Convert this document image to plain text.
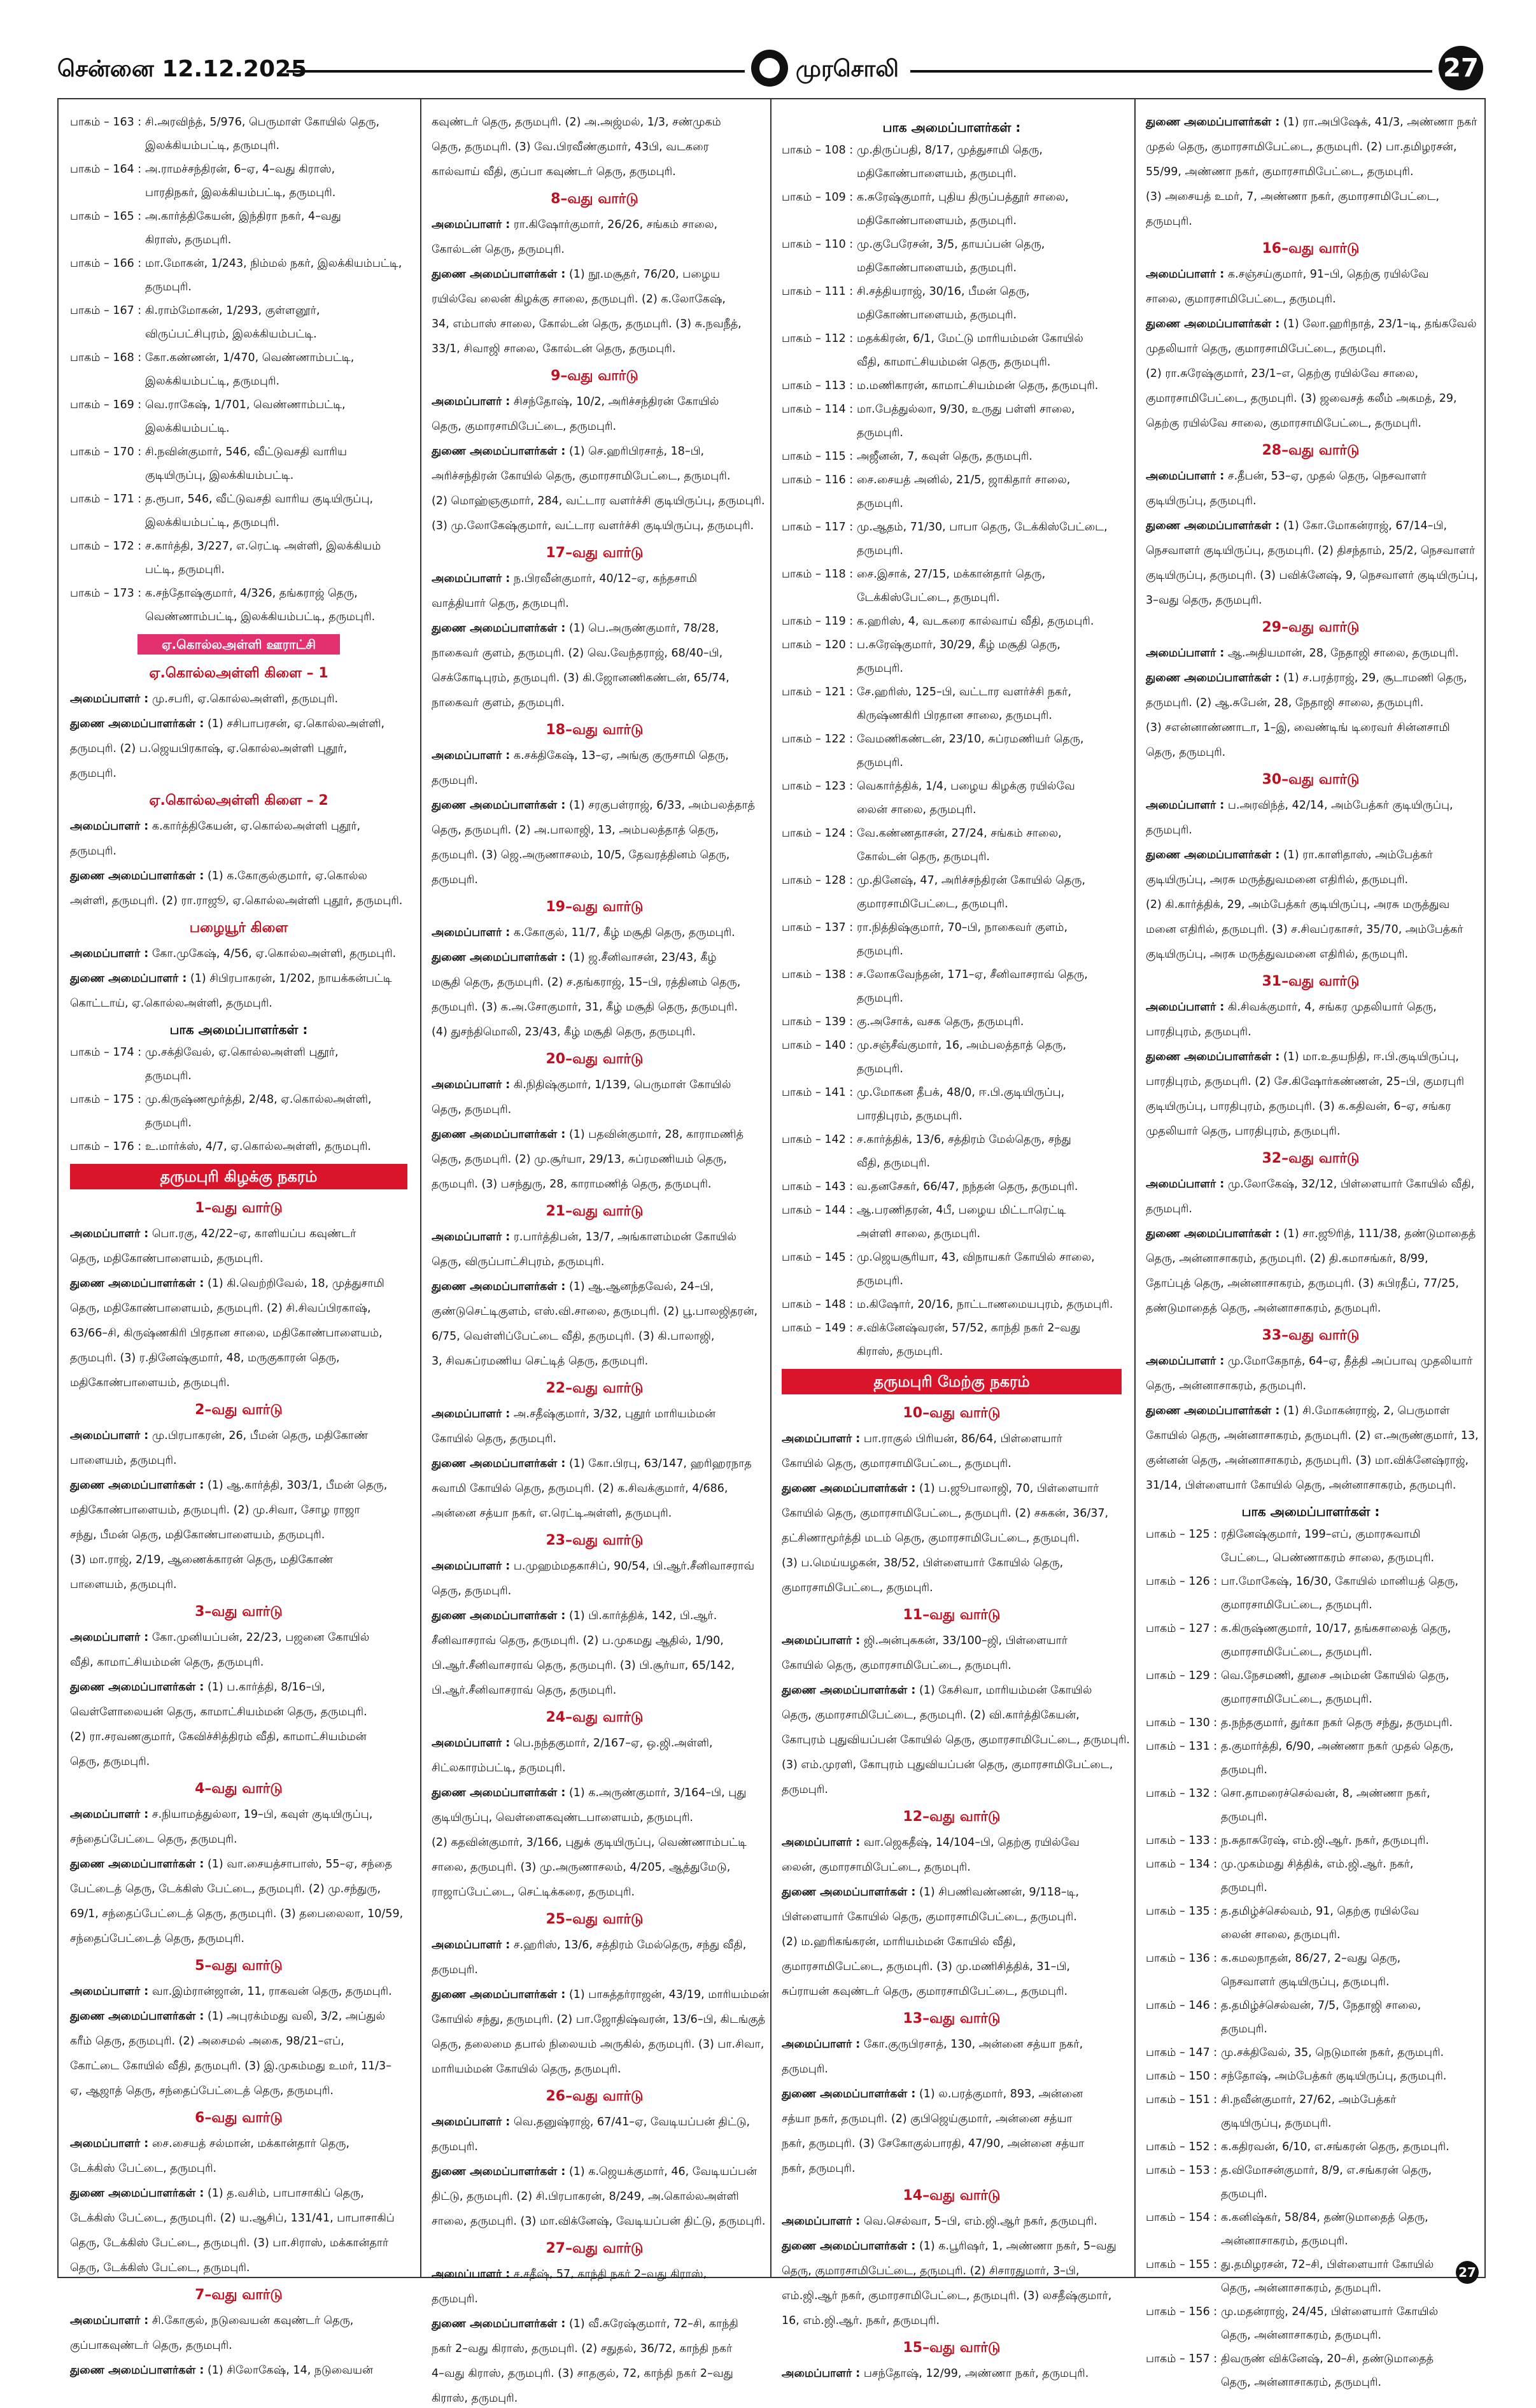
சென்னை 12.12.2025	முரசொலி	27
பாகம் – 163 : சி.அரவிந்த், 5/976, பெருமாள் கோயில் தெரு,
இலக்கியம்பட்டி, தருமபுரி.
பாகம் – 164 : அ.ராமச்சந்திரன், 6–ஏ, 4–வது கிராஸ்,
பாரதிநகர், இலக்கியம்பட்டி, தருமபுரி.
பாகம் – 165 : அ.கார்த்திகேயன், இந்திரா நகர், 4–வது
கிராஸ், தருமபுரி.
பாகம் – 166 : மா.மோகன், 1/243, நிம்மல் நகர், இலக்கியம்பட்டி,
தருமபுரி.
பாகம் – 167 : கி.ராம்மோகன், 1/293, குள்ளனூர்,
விருப்பட்சிபுரம், இலக்கியம்பட்டி.
பாகம் – 168 : கோ.கண்ணன், 1/470, வெண்ணாம்பட்டி,
இலக்கியம்பட்டி, தருமபுரி.
பாகம் – 169 : வெ.ராகேஷ், 1/701, வெண்ணாம்பட்டி,
இலக்கியம்பட்டி.
பாகம் – 170 : சி.நவின்குமார், 546, வீட்டுவசதி வாரிய
குடியிருப்பு, இலக்கியம்பட்டி.
பாகம் – 171 : த.ரூபா, 546, வீட்டுவசதி வாரிய குடியிருப்பு,
இலக்கியம்பட்டி, தருமபுரி.
பாகம் – 172 : ச.கார்த்தி, 3/227, எ.ரெட்டி அள்ளி, இலக்கியம்
பட்டி, தருமபுரி.
பாகம் – 173 : க.சந்தோஷ்குமார், 4/326, தங்கராஜ் தெரு,
வெண்ணாம்பட்டி, இலக்கியம்பட்டி, தருமபுரி.
ஏ.கொல்லஅள்ளி ஊராட்சி
ஏ.கொல்லஅள்ளி கிளை – 1
அமைப்பாளர் : மு.சபரி, ஏ.கொல்லஅள்ளி, தருமபுரி.
துணை அமைப்பாளர்கள் : (1) சசிபாபரசன், ஏ.கொல்லஅள்ளி,
தருமபுரி. (2) ப.ஜெயபிரகாஷ், ஏ.கொல்லஅள்ளி புதூர்,
தருமபுரி.
ஏ.கொல்லஅள்ளி கிளை – 2
அமைப்பாளர் : க.கார்த்திகேயன், ஏ.கொல்லஅள்ளி புதூர்,
தருமபுரி.
துணை அமைப்பாளர்கள் : (1) க.கோகுல்குமார், ஏ.கொல்ல
அள்ளி, தருமபுரி. (2) ரா.ராஜூ, ஏ.கொல்லஅள்ளி புதூர், தருமபுரி.
பழையூர் கிளை
அமைப்பாளர் : கோ.முகேஷ், 4/56, ஏ.கொல்லஅள்ளி, தருமபுரி.
துணை அமைப்பாளர் : (1) சிபிரபாகரன், 1/202, நாயக்கன்பட்டி
கொட்டாய், ஏ.கொல்லஅள்ளி, தருமபுரி.
பாக அமைப்பாளர்கள் :
பாகம் – 174 : மு.சக்திவேல், ஏ.கொல்லஅள்ளி புதூர்,
தருமபுரி.
பாகம் – 175 : மு.கிருஷ்ணமூர்த்தி, 2/48, ஏ.கொல்லஅள்ளி,
தருமபுரி.
பாகம் – 176 : உ.மார்க்ஸ், 4/7, ஏ.கொல்லஅள்ளி, தருமபுரி.
தருமபுரி கிழக்கு நகரம்
1–வது வார்டு
அமைப்பாளர் : பொ.ரகு, 42/22–ஏ, காளியப்ப கவுண்டர்
தெரு, மதிகோண்பாளையம், தருமபுரி.
துணை அமைப்பாளர்கள் : (1) கி.வெற்றிவேல், 18, முத்துசாமி
தெரு, மதிகோண்பாளையம், தருமபுரி. (2) சி.சிவப்பிரகாஷ்,
63/66–சி, கிருஷ்ணகிரி பிரதான சாலை, மதிகோண்பாளையம்,
தருமபுரி. (3) ர.தினேஷ்குமார், 48, மருகுகாரன் தெரு,
மதிகோண்பாளையம், தருமபுரி.
2–வது வார்டு
அமைப்பாளர் : மு.பிரபாகரன், 26, பீமன் தெரு, மதிகோண்
பாளையம், தருமபுரி.
துணை அமைப்பாளர்கள் : (1) ஆ.கார்த்தி, 303/1, பீமன் தெரு,
மதிகோண்பாளையம், தருமபுரி. (2) மு.சிவா, சோழ ராஜா
சந்து, பீமன் தெரு, மதிகோண்பாளையம், தருமபுரி.
(3) மா.ராஜ், 2/19, ஆணைக்காரன் தெரு, மதிகோண்
பாளையம், தருமபுரி.
3–வது வார்டு
அமைப்பாளர் : கோ.முனியப்பன், 22/23, பஜனை கோயில்
வீதி, காமாட்சியம்மன் தெரு, தருமபுரி.
துணை அமைப்பாளர்கள் : (1) ப.கார்த்தி, 8/16–பி,
வெள்ளோலையன் தெரு, காமாட்சியம்மன் தெரு, தருமபுரி.
(2) ரா.சரவணகுமார், கேவிச்சித்திரம் வீதி, காமாட்சியம்மன்
தெரு, தருமபுரி.
4–வது வார்டு
அமைப்பாளர் : ச.நியாமத்துல்லா, 19–பி, கவுள் குடியிருப்பு,
சந்தைப்பேட்டை தெரு, தருமபுரி.
துணை அமைப்பாளர்கள் : (1) வா.சையத்சாபாஸ், 55–ஏ, சந்தை
பேட்டைத் தெரு, டேக்கிஸ் பேட்டை, தருமபுரி. (2) மு.சந்துரு,
69/1, சந்தைப்பேட்டைத் தெரு, தருமபுரி. (3) தபைலைலா, 10/59,
சந்தைப்பேட்டைத் தெரு, தருமபுரி.
5–வது வார்டு
அமைப்பாளர் : வா.இம்ரான்ஜான், 11, ராகவன் தெரு, தருமபுரி.
துணை அமைப்பாளர்கள் : (1) அபுரக்ம்மது வலி, 3/2, அப்துல்
கரீம் தெரு, தருமபுரி. (2) அசைமல் அகை, 98/21–எப்,
கோட்டை கோயில் வீதி, தருமபுரி. (3) இ.முகம்மது உமர், 11/3–
ஏ, ஆஜாத் தெரு, சந்தைப்பேட்டைத் தெரு, தருமபுரி.
6–வது வார்டு
அமைப்பாளர் : சை.சையத் சல்மான், மக்கான்தார் தெரு,
டேக்கிஸ் பேட்டை, தருமபுரி.
துணை அமைப்பாளர்கள் : (1) த.வசிம், பாபாசாகிப் தெரு,
டேக்கிஸ் பேட்டை, தருமபுரி. (2) ய.ஆசிப், 131/41, பாபாசாகிப்
தெரு, டேக்கிஸ் பேட்டை, தருமபுரி. (3) பா.சிராஸ், மக்கான்தார்
தெரு, டேக்கிஸ் பேட்டை, தருமபுரி.
7–வது வார்டு
அமைப்பாளர் : சி.கோகுல், நடுவையன் கவுண்டர் தெரு,
குப்பாகவுண்டர் தெரு, தருமபுரி.
துணை அமைப்பாளர்கள் : (1) சிலோகேஷ், 14, நடுவையன்
கவுண்டர் தெரு, தருமபுரி. (2) அ.அஜ்மல், 1/3, சண்முகம்
தெரு, தருமபுரி. (3) வே.பிரவீண்குமார், 43பி, வடகரை
கால்வாய் வீதி, குப்பா கவுண்டர் தெரு, தருமபுரி.
8–வது வார்டு
அமைப்பாளர் : ரா.கிஷோர்குமார், 26/26, சங்கம் சாலை,
கோல்டன் தெரு, தருமபுரி.
துணை அமைப்பாளர்கள் : (1) நூ.மசூதர், 76/20, பழைய
ரயில்வே லைன் கிழக்கு சாலை, தருமபுரி. (2) க.லோகேஷ்,
34, எம்பாஸ் சாலை, கோல்டன் தெரு, தருமபுரி. (3) சு.நவநீத்,
33/1, சிவாஜி சாலை, கோல்டன் தெரு, தருமபுரி.
9–வது வார்டு
அமைப்பாளர் : சிசந்தோஷ், 10/2, அரிச்சந்திரன் கோயில்
தெரு, குமாரசாமிபேட்டை, தருமபுரி.
துணை அமைப்பாளர்கள் : (1) செ.ஹரிபிரசாத், 18–பி,
அரிச்சந்திரன் கோயில் தெரு, குமாரசாமிபேட்டை, தருமபுரி.
(2) மொஹ்ஞகுமார், 284, வட்டார வளர்ச்சி குடியிருப்பு, தருமபுரி.
(3) மு.லோகேஷ்குமார், வட்டார வளர்ச்சி குடியிருப்பு, தருமபுரி.
17–வது வார்டு
அமைப்பாளர் : ந.பிரவீன்குமார், 40/12–ஏ, கந்தசாமி
வாத்தியார் தெரு, தருமபுரி.
துணை அமைப்பாளர்கள் : (1) பெ.அருண்குமார், 78/28,
நாகைவர் குளம், தருமபுரி. (2) வெ.வேந்தராஜ், 68/40–பி,
செக்கோடிபுரம், தருமபுரி. (3) கி.ஜோனணிகண்டன், 65/74,
நாகைவர் குளம், தருமபுரி.
18–வது வார்டு
அமைப்பாளர் : க.சக்திகேஷ், 13–ஏ, அங்கு குருசாமி தெரு,
தருமபுரி.
துணை அமைப்பாளர்கள் : (1) சரகுபள்ராஜ், 6/33, அம்பலத்தாத்
தெரு, தருமபுரி. (2) அ.பாலாஜி, 13, அம்பலத்தாத் தெரு,
தருமபுரி. (3) ஜெ.அருணாசலம், 10/5, தேவரத்தினம் தெரு,
தருமபுரி.
19–வது வார்டு
அமைப்பாளர் : க.கோகுல், 11/7, கீழ் மசூதி தெரு, தருமபுரி.
துணை அமைப்பாளர்கள் : (1) ஜ.சீனிவாசன், 23/43, கீழ்
மசூதி தெரு, தருமபுரி. (2) ச.தங்கராஜ், 15–பி, ரத்தினம் தெரு,
தருமபுரி. (3) க.அ.சோகுமார், 31, கீழ் மசூதி தெரு, தருமபுரி.
(4) துசந்திமொலி, 23/43, கீழ் மசூதி தெரு, தருமபுரி.
20–வது வார்டு
அமைப்பாளர் : கி.நிதிஷ்குமார், 1/139, பெருமாள் கோயில்
தெரு, தருமபுரி.
துணை அமைப்பாளர்கள் : (1) பதவின்குமார், 28, காராமணித்
தெரு, தருமபுரி. (2) மு.சூர்யா, 29/13, சுப்ரமணியம் தெரு,
தருமபுரி. (3) பசந்துரு, 28, காராமணித் தெரு, தருமபுரி.
21–வது வார்டு
அமைப்பாளர் : ர.பார்த்திபன், 13/7, அங்காளம்மன் கோயில்
தெரு, விருப்பாட்சிபுரம், தருமபுரி.
துணை அமைப்பாளர்கள் : (1) ஆ.ஆனந்தவேல், 24–பி,
குண்டுசெட்டிகுளம், எஸ்.வி.சாலை, தருமபுரி. (2) பூ.பாலஜிதரன்,
6/75, வெள்ளிப்பேட்டை வீதி, தருமபுரி. (3) கி.பாலாஜி,
3, சிவசுப்ரமணிய செட்டித் தெரு, தருமபுரி.
22–வது வார்டு
அமைப்பாளர் : அ.சதீஷ்குமார், 3/32, புதூர் மாரியம்மன்
கோயில் தெரு, தருமபுரி.
துணை அமைப்பாளர்கள் : (1) கோ.பிரபு, 63/147, ஹரிஹரநாத
சுவாமி கோயில் தெரு, தருமபுரி. (2) க.சிவக்குமார், 4/686,
அன்னை சத்யா நகர், எ.ரெட்டிஅள்ளி, தருமபுரி.
23–வது வார்டு
அமைப்பாளர் : ப.முஹம்மதகாசிப், 90/54, பி.ஆர்.சீனிவாசராவ்
தெரு, தருமபுரி.
துணை அமைப்பாளர்கள் : (1) பி.கார்த்திக், 142, பி.ஆர்.
சீனிவாசராவ் தெரு, தருமபுரி. (2) ப.முகமது ஆதில், 1/90,
பி.ஆர்.சீனிவாசராவ் தெரு, தருமபுரி. (3) பி.சூர்யா, 65/142,
பி.ஆர்.சீனிவாசராவ் தெரு, தருமபுரி.
24–வது வார்டு
அமைப்பாளர் : பெ.நந்தகுமார், 2/167–ஏ, ஒ.ஜி.அள்ளி,
சிட்லகாரம்பட்டி, தருமபுரி.
துணை அமைப்பாளர்கள் : (1) க.அருண்குமார், 3/164–பி, புது
குடியிருப்பு, வெள்ளைகவுண்டபாளையம், தருமபுரி.
(2) கதவின்குமார், 3/166, புதுக் குடியிருப்பு, வெண்ணாம்பட்டி
சாலை, தருமபுரி. (3) மு.அருணாசலம், 4/205, ஆத்துமேடு,
ராஜாப்பேட்டை, செட்டிக்கரை, தருமபுரி.
25–வது வார்டு
அமைப்பாளர் : ச.ஹரிஸ், 13/6, சத்திரம் மேல்தெரு, சந்து வீதி,
தருமபுரி.
துணை அமைப்பாளர்கள் : (1) பாசுத்தர்ராஜன், 43/19, மாரியம்மன்
கோயில் சந்து, தருமபுரி. (2) பா.ஜோதிஷ்வரன், 13/6–பி, கிடங்குத்
தெரு, தலைமை தபால் நிலையம் அருகில், தருமபுரி. (3) பா.சிவா,
மாரியம்மன் கோயில் தெரு, தருமபுரி.
26–வது வார்டு
அமைப்பாளர் : வெ.தனுஷ்ராஜ், 67/41–ஏ, வேடியப்பன் திட்டு,
தருமபுரி.
துணை அமைப்பாளர்கள் : (1) க.ஜெயக்குமார், 46, வேடியப்பன்
திட்டு, தருமபுரி. (2) சி.பிரபாகரன், 8/249, அ.கொல்லஅள்ளி
சாலை, தருமபுரி. (3) மா.விக்னேஷ், வேடியப்பன் திட்டு, தருமபுரி.
27–வது வார்டு
அமைப்பாளர் : ச.சதீஷ், 57, காந்தி நகர் 2–வது கிராஸ்,
தருமபுரி.
துணை அமைப்பாளர்கள் : (1) வீ.சுரேஷ்குமார், 72–சி, காந்தி
நகர் 2–வது கிராஸ், தருமபுரி. (2) சதுதல், 36/72, காந்தி நகர்
4–வது கிராஸ், தருமபுரி. (3) சாதகுல், 72, காந்தி நகர் 2–வது
கிராஸ், தருமபுரி.
பாக அமைப்பாளர்கள் :
பாகம் – 108 : மு.திருப்பதி, 8/17, முத்துசாமி தெரு,
மதிகோண்பாளையம், தருமபுரி.
பாகம் – 109 : க.சுரேஷ்குமார், புதிய திருப்பத்தூர் சாலை,
மதிகோண்பாளையம், தருமபுரி.
பாகம் – 110 : மு.குபேரேசன், 3/5, தாயப்பன் தெரு,
மதிகோண்பாளையம், தருமபுரி.
பாகம் – 111 : சி.சத்தியராஜ், 30/16, பீமன் தெரு,
மதிகோண்பாளையம், தருமபுரி.
பாகம் – 112 : மதக்கிரன், 6/1, மேட்டு மாரியம்மன் கோயில்
வீதி, காமாட்சியம்மன் தெரு, தருமபுரி.
பாகம் – 113 : ம.மணிகாரன், காமாட்சியம்மன் தெரு, தருமபுரி.
பாகம் – 114 : மா.பேத்துல்லா, 9/30, உருது பள்ளி சாலை,
தருமபுரி.
பாகம் – 115 : அஜீனன், 7, கவுள் தெரு, தருமபுரி.
பாகம் – 116 : சை.சையத் அனில், 21/5, ஜாகிதார் சாலை,
தருமபுரி.
பாகம் – 117 : மு.ஆதம், 71/30, பாபா தெரு, டேக்கிஸ்பேட்டை,
தருமபுரி.
பாகம் – 118 : சை.இசாக், 27/15, மக்கான்தார் தெரு,
டேக்கிஸ்பேட்டை, தருமபுரி.
பாகம் – 119 : க.ஹரிஸ், 4, வடகரை கால்வாய் வீதி, தருமபுரி.
பாகம் – 120 : ப.சுரேஷ்குமார், 30/29, கீழ் மசூதி தெரு,
தருமபுரி.
பாகம் – 121 : சே.ஹரிஸ், 125–பி, வட்டார வளர்ச்சி நகர்,
கிருஷ்ணகிரி பிரதான சாலை, தருமபுரி.
பாகம் – 122 : வேமணிகண்டன், 23/10, சுப்ரமணியர் தெரு,
தருமபுரி.
பாகம் – 123 : வெகார்த்திக், 1/4, பழைய கிழக்கு ரயில்வே
லைன் சாலை, தருமபுரி.
பாகம் – 124 : வே.கண்ணதாசன், 27/24, சங்கம் சாலை,
கோல்டன் தெரு, தருமபுரி.
பாகம் – 128 : மு.தினேஷ், 47, அரிச்சந்திரன் கோயில் தெரு,
குமாரசாமிபேட்டை, தருமபுரி.
பாகம் – 137 : ரா.நித்திஷ்குமார், 70–பி, நாகைவர் குளம்,
தருமபுரி.
பாகம் – 138 : ச.லோகவேந்தன், 171–ஏ, சீனிவாசராவ் தெரு,
தருமபுரி.
பாகம் – 139 : கு.அசோக், வசக தெரு, தருமபுரி.
பாகம் – 140 : மு.சஞ்சீவ்குமார், 16, அம்பலத்தாத் தெரு,
தருமபுரி.
பாகம் – 141 : மு.மோகன தீபக், 48/0, ஈ.பி.குடியிருப்பு,
பாரதிபுரம், தருமபுரி.
பாகம் – 142 : ச.கார்த்திக், 13/6, சத்திரம் மேல்தெரு, சந்து
வீதி, தருமபுரி.
பாகம் – 143 : வ.தனசேகர், 66/47, நந்தன் தெரு, தருமபுரி.
பாகம் – 144 : ஆ.பரணிதரன், 4பீ, பழைய மிட்டாரெட்டி
அள்ளி சாலை, தருமபுரி.
பாகம் – 145 : மு.ஜெயசூரியா, 43, விநாயகர் கோயில் சாலை,
தருமபுரி.
பாகம் – 148 : ம.கிஷோர், 20/16, நாட்டாணமையபுரம், தருமபுரி.
பாகம் – 149 : ச.விக்னேஷ்வரன், 57/52, காந்தி நகர் 2–வது
கிராஸ், தருமபுரி.
தருமபுரி மேற்கு நகரம்
10–வது வார்டு
அமைப்பாளர் : பா.ராகுல் பிரியன், 86/64, பிள்ளையார்
கோயில் தெரு, குமாரசாமிபேட்டை, தருமபுரி.
துணை அமைப்பாளர்கள் : (1) ப.ஜூபாலாஜி, 70, பிள்ளையார்
கோயில் தெரு, குமாரசாமிபேட்டை, தருமபுரி. (2) சசுகன், 36/37,
தட்சிணாமூர்த்தி மடம் தெரு, குமாரசாமிபேட்டை, தருமபுரி.
(3) ப.மெய்யழகன், 38/52, பிள்ளையார் கோயில் தெரு,
குமாரசாமிபேட்டை, தருமபுரி.
11–வது வார்டு
அமைப்பாளர் : ஜி.அன்புசுகன், 33/100–ஜி, பிள்ளையார்
கோயில் தெரு, குமாரசாமிபேட்டை, தருமபுரி.
துணை அமைப்பாளர்கள் : (1) கேசிவா, மாரியம்மன் கோயில்
தெரு, குமாரசாமிபேட்டை, தருமபுரி. (2) வி.கார்த்திகேயன்,
கோபுரம் புதுவியப்பன் கோயில் தெரு, குமாரசாமிபேட்டை, தருமபுரி.
(3) எம்.முரளி, கோபுரம் புதுவியப்பன் தெரு, குமாரசாமிபேட்டை,
தருமபுரி.
12–வது வார்டு
அமைப்பாளர் : வா.ஜெகதீஷ், 14/104–பி, தெற்கு ரயில்வே
லைன், குமாரசாமிபேட்டை, தருமபுரி.
துணை அமைப்பாளர்கள் : (1) சிபணிவண்ணன், 9/118–டி,
பிள்ளையார் கோயில் தெரு, குமாரசாமிபேட்டை, தருமபுரி.
(2) ம.ஹரிகங்கரன், மாரியம்மன் கோயில் வீதி,
குமாரசாமிபேட்டை, தருமபுரி. (3) மு.மணிசித்திக், 31–பி,
சுப்ராயன் கவுண்டர் தெரு, குமாரசாமிபேட்டை, தருமபுரி.
13–வது வார்டு
அமைப்பாளர் : கோ.குருபிரசாத், 130, அன்னை சத்யா நகர்,
தருமபுரி.
துணை அமைப்பாளர்கள் : (1) ல.பரத்குமார், 893, அன்னை
சத்யா நகர், தருமபுரி. (2) குபிஜெய்குமார், அன்னை சத்யா
நகர், தருமபுரி. (3) சேகோகுல்பாரதி, 47/90, அன்னை சத்யா
நகர், தருமபுரி.
14–வது வார்டு
அமைப்பாளர் : வெ.செல்வா, 5–பி, எம்.ஜி.ஆர் நகர், தருமபுரி.
துணை அமைப்பாளர்கள் : (1) க.பூரிஷர், 1, அண்ணா நகர், 5–வது
தெரு, குமாரசாமிபேட்டை, தருமபுரி. (2) சிசாரதுமார், 3–பி,
எம்.ஜி.ஆர் நகர், குமாரசாமிபேட்டை, தருமபுரி. (3) லசதீஷ்குமார்,
16, எம்.ஜி.ஆர். நகர், தருமபுரி.
15–வது வார்டு
அமைப்பாளர் : பசந்தோஷ், 12/99, அண்ணா நகர், தருமபுரி.
துணை அமைப்பாளர்கள் : (1) ரா.அபிஷேக், 41/3, அண்ணா நகர்
முதல் தெரு, குமாரசாமிபேட்டை, தருமபுரி. (2) பா.தமிழரசன்,
55/99, அண்ணா நகர், குமாரசாமிபேட்டை, தருமபுரி.
(3) அசையத் உமர், 7, அண்ணா நகர், குமாரசாமிபேட்டை,
தருமபுரி.
16–வது வார்டு
அமைப்பாளர் : க.சஞ்சய்குமார், 91–பி, தெற்கு ரயில்வே
சாலை, குமாரசாமிபேட்டை, தருமபுரி.
துணை அமைப்பாளர்கள் : (1) லோ.ஹரிநாத், 23/1–டி, தங்கவேல்
முதலியார் தெரு, குமாரசாமிபேட்டை, தருமபுரி.
(2) ரா.சுரேஷ்குமார், 23/1–எ, தெற்கு ரயில்வே சாலை,
குமாரசாமிபேட்டை, தருமபுரி. (3) ஜவைசத் கலீம் அகமத், 29,
தெற்கு ரயில்வே சாலை, குமாரசாமிபேட்டை, தருமபுரி.
28–வது வார்டு
அமைப்பாளர் : ச.தீபன், 53–ஏ, முதல் தெரு, நெசவாளர்
குடியிருப்பு, தருமபுரி.
துணை அமைப்பாளர்கள் : (1) கோ.மோகன்ராஜ், 67/14–பி,
நெசவாளர் குடியிருப்பு, தருமபுரி. (2) திசந்தாம், 25/2, நெசவாளர்
குடியிருப்பு, தருமபுரி. (3) பவிக்னேஷ், 9, நெசவாளர் குடியிருப்பு,
3–வது தெரு, தருமபுரி.
29–வது வார்டு
அமைப்பாளர் : ஆ.அதியமான், 28, நேதாஜி சாலை, தருமபுரி.
துணை அமைப்பாளர்கள் : (1) ச.பரத்ராஜ், 29, சூடாமணி தெரு,
தருமபுரி. (2) ஆ.சுபேன், 28, நேதாஜி சாலை, தருமபுரி.
(3) சஎன்னாண்ணாடா, 1–இ, வைண்டிங் டிரைவர் சின்னசாமி
தெரு, தருமபுரி.
30–வது வார்டு
அமைப்பாளர் : ப.அரவிந்த், 42/14, அம்பேத்கர் குடியிருப்பு,
தருமபுரி.
துணை அமைப்பாளர்கள் : (1) ரா.காளிதாஸ், அம்பேத்கர்
குடியிருப்பு, அரசு மருத்துவமனை எதிரில், தருமபுரி.
(2) கி.கார்த்திக், 29, அம்பேத்கர் குடியிருப்பு, அரசு மருத்துவ
மனை எதிரில், தருமபுரி. (3) ச.சிவப்ரகாசர், 35/70, அம்பேத்கர்
குடியிருப்பு, அரசு மருத்துவமனை எதிரில், தருமபுரி.
31–வது வார்டு
அமைப்பாளர் : கி.சிவக்குமார், 4, சங்கர முதலியார் தெரு,
பாரதிபுரம், தருமபுரி.
துணை அமைப்பாளர்கள் : (1) மா.உதயநிதி, ஈ.பி.குடியிருப்பு,
பாரதிபுரம், தருமபுரி. (2) சே.கிஷோர்கண்ணன், 25–பி, குமரபுரி
குடியிருப்பு, பாரதிபுரம், தருமபுரி. (3) க.கதிவன், 6–ஏ, சங்கர
முதலியார் தெரு, பாரதிபுரம், தருமபுரி.
32–வது வார்டு
அமைப்பாளர் : மு.லோகேஷ், 32/12, பிள்ளையார் கோயில் வீதி,
தருமபுரி.
துணை அமைப்பாளர்கள் : (1) சா.ஜூரித், 111/38, தண்டுமாதைத்
தெரு, அன்னாசாகரம், தருமபுரி. (2) தி.கமாசங்கர், 8/99,
தோப்புத் தெரு, அன்னாசாகரம், தருமபுரி. (3) சுபிரதீப், 77/25,
தண்டுமாதைத் தெரு, அன்னாசாகரம், தருமபுரி.
33–வது வார்டு
அமைப்பாளர் : மு.மோகேநாத், 64–ஏ, தீத்தி அப்பாவு முதலியார்
தெரு, அன்னாசாகரம், தருமபுரி.
துணை அமைப்பாளர்கள் : (1) சி.மோகன்ராஜ், 2, பெருமாள்
கோயில் தெரு, அன்னாசாகரம், தருமபுரி. (2) எ.அருண்குமார், 13,
குன்னன் தெரு, அன்னாசாகரம், தருமபுரி. (3) மா.விக்னேஷ்ராஜ்,
31/14, பிள்ளையார் கோயில் தெரு, அன்னாசாகரம், தருமபுரி.
பாக அமைப்பாளர்கள் :
பாகம் – 125 : ரதினேஷ்குமார், 199–எப், குமாரசுவாமி
பேட்டை, பெண்ணாகரம் சாலை, தருமபுரி.
பாகம் – 126 : பா.மோகேஷ், 16/30, கோயில் மானியத் தெரு,
குமாரசாமிபேட்டை, தருமபுரி.
பாகம் – 127 : க.கிருஷ்ணகுமார், 10/17, தங்கசாலைத் தெரு,
குமாரசாமிபேட்டை, தருமபுரி.
பாகம் – 129 : வெ.நேசமணி, தூசை அம்மன் கோயில் தெரு,
குமாரசாமிபேட்டை, தருமபுரி.
பாகம் – 130 : த.நந்தகுமார், துர்கா நகர் தெரு சந்து, தருமபுரி.
பாகம் – 131 : த.குமார்த்தி, 6/90, அண்ணா நகர் முதல் தெரு,
தருமபுரி.
பாகம் – 132 : சொ.தாமரைச்செல்வன், 8, அண்ணா நகர்,
தருமபுரி.
பாகம் – 133 : ந.சுதாசுரேஷ், எம்.ஜி.ஆர். நகர், தருமபுரி.
பாகம் – 134 : மு.முகம்மது சித்திக், எம்.ஜி.ஆர். நகர்,
தருமபுரி.
பாகம் – 135 : த.தமிழ்ச்செல்வம், 91, தெற்கு ரயில்வே
லைன் சாலை, தருமபுரி.
பாகம் – 136 : க.கமலநாதன், 86/27, 2–வது தெரு,
நெசவாளர் குடியிருப்பு, தருமபுரி.
பாகம் – 146 : த.தமிழ்ச்செல்வன், 7/5, நேதாஜி சாலை,
தருமபுரி.
பாகம் – 147 : மு.சக்திவேல், 35, நெடுமான் நகர், தருமபுரி.
பாகம் – 150 : சந்தோஷ், அம்பேத்கர் குடியிருப்பு, தருமபுரி.
பாகம் – 151 : சி.நவீன்குமார், 27/62, அம்பேத்கர்
குடியிருப்பு, தருமபுரி.
பாகம் – 152 : க.கதிரவன், 6/10, எ.சங்கரன் தெரு, தருமபுரி.
பாகம் – 153 : த.விமோசன்குமார், 8/9, எ.சங்கரன் தெரு,
தருமபுரி.
பாகம் – 154 : க.கனிஷ்கர், 58/84, தண்டுமாதைத் தெரு,
அன்னாசாகரம், தருமபுரி.
பாகம் – 155 : து.தமிழரசன், 72–சி, பிள்ளையார் கோயில்
தெரு, அன்னாசாகரம், தருமபுரி.
பாகம் – 156 : மு.மதன்ராஜ், 24/45, பிள்ளையார் கோயில்
தெரு, அன்னாசாகரம், தருமபுரி.
பாகம் – 157 : திவருண் விக்னேஷ், 20–சி, தண்டுமாதைத்
தெரு, அன்னாசாகரம், தருமபுரி.
27
